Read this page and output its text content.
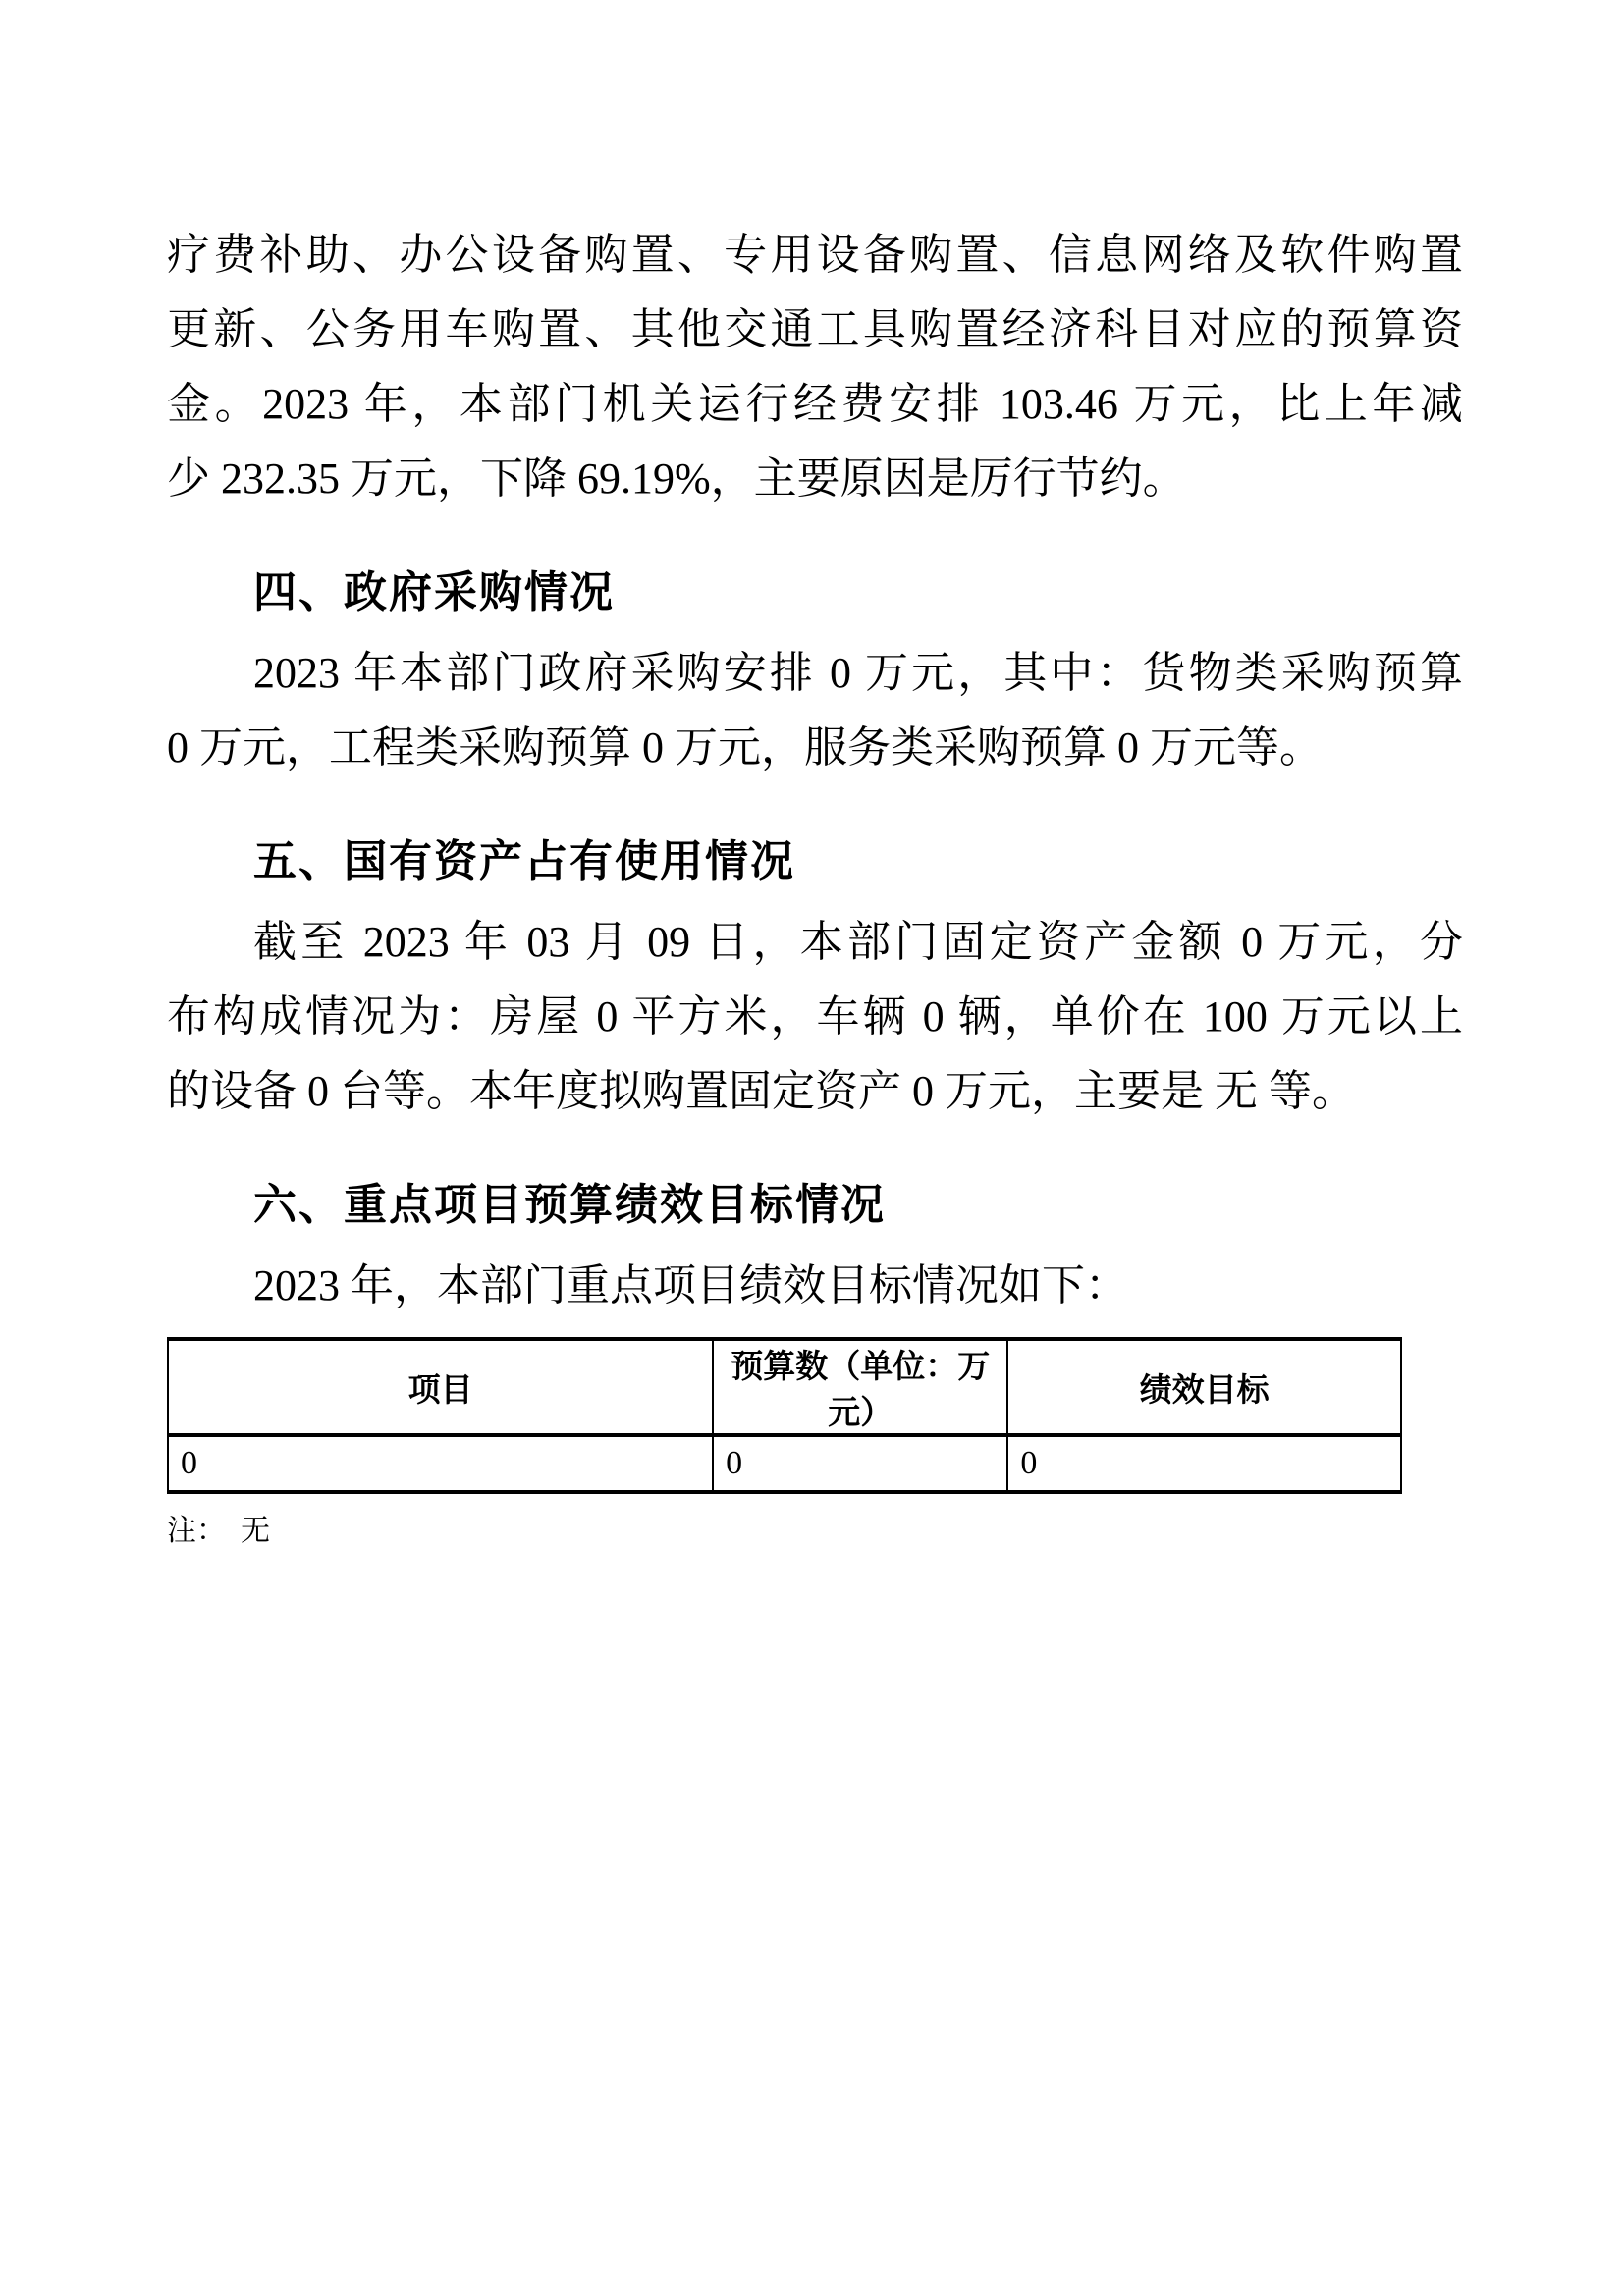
疗费补助、办公设备购置、专用设备购置、信息网络及软件购置
更新、公务用车购置、其他交通工具购置经济科目对应的预算资
金。2023 年，本部门机关运行经费安排 103.46 万元，比上年减
少 232.35 万元，下降 69.19%，主要原因是厉行节约。
四、政府采购情况
2023 年本部门政府采购安排 0 万元，其中：货物类采购预算
0 万元，工程类采购预算 0 万元，服务类采购预算 0 万元等。
五、国有资产占有使用情况
截至 2023 年 03 月 09 日，本部门固定资产金额 0 万元，分
布构成情况为：房屋 0 平方米，车辆 0 辆，单价在 100 万元以上
的设备 0 台等。本年度拟购置固定资产 0 万元，主要是 无 等。
六、重点项目预算绩效目标情况
2023 年，本部门重点项目绩效目标情况如下：
项目	预算数（单位：万元）	绩效目标
0	0	0
注：　无
